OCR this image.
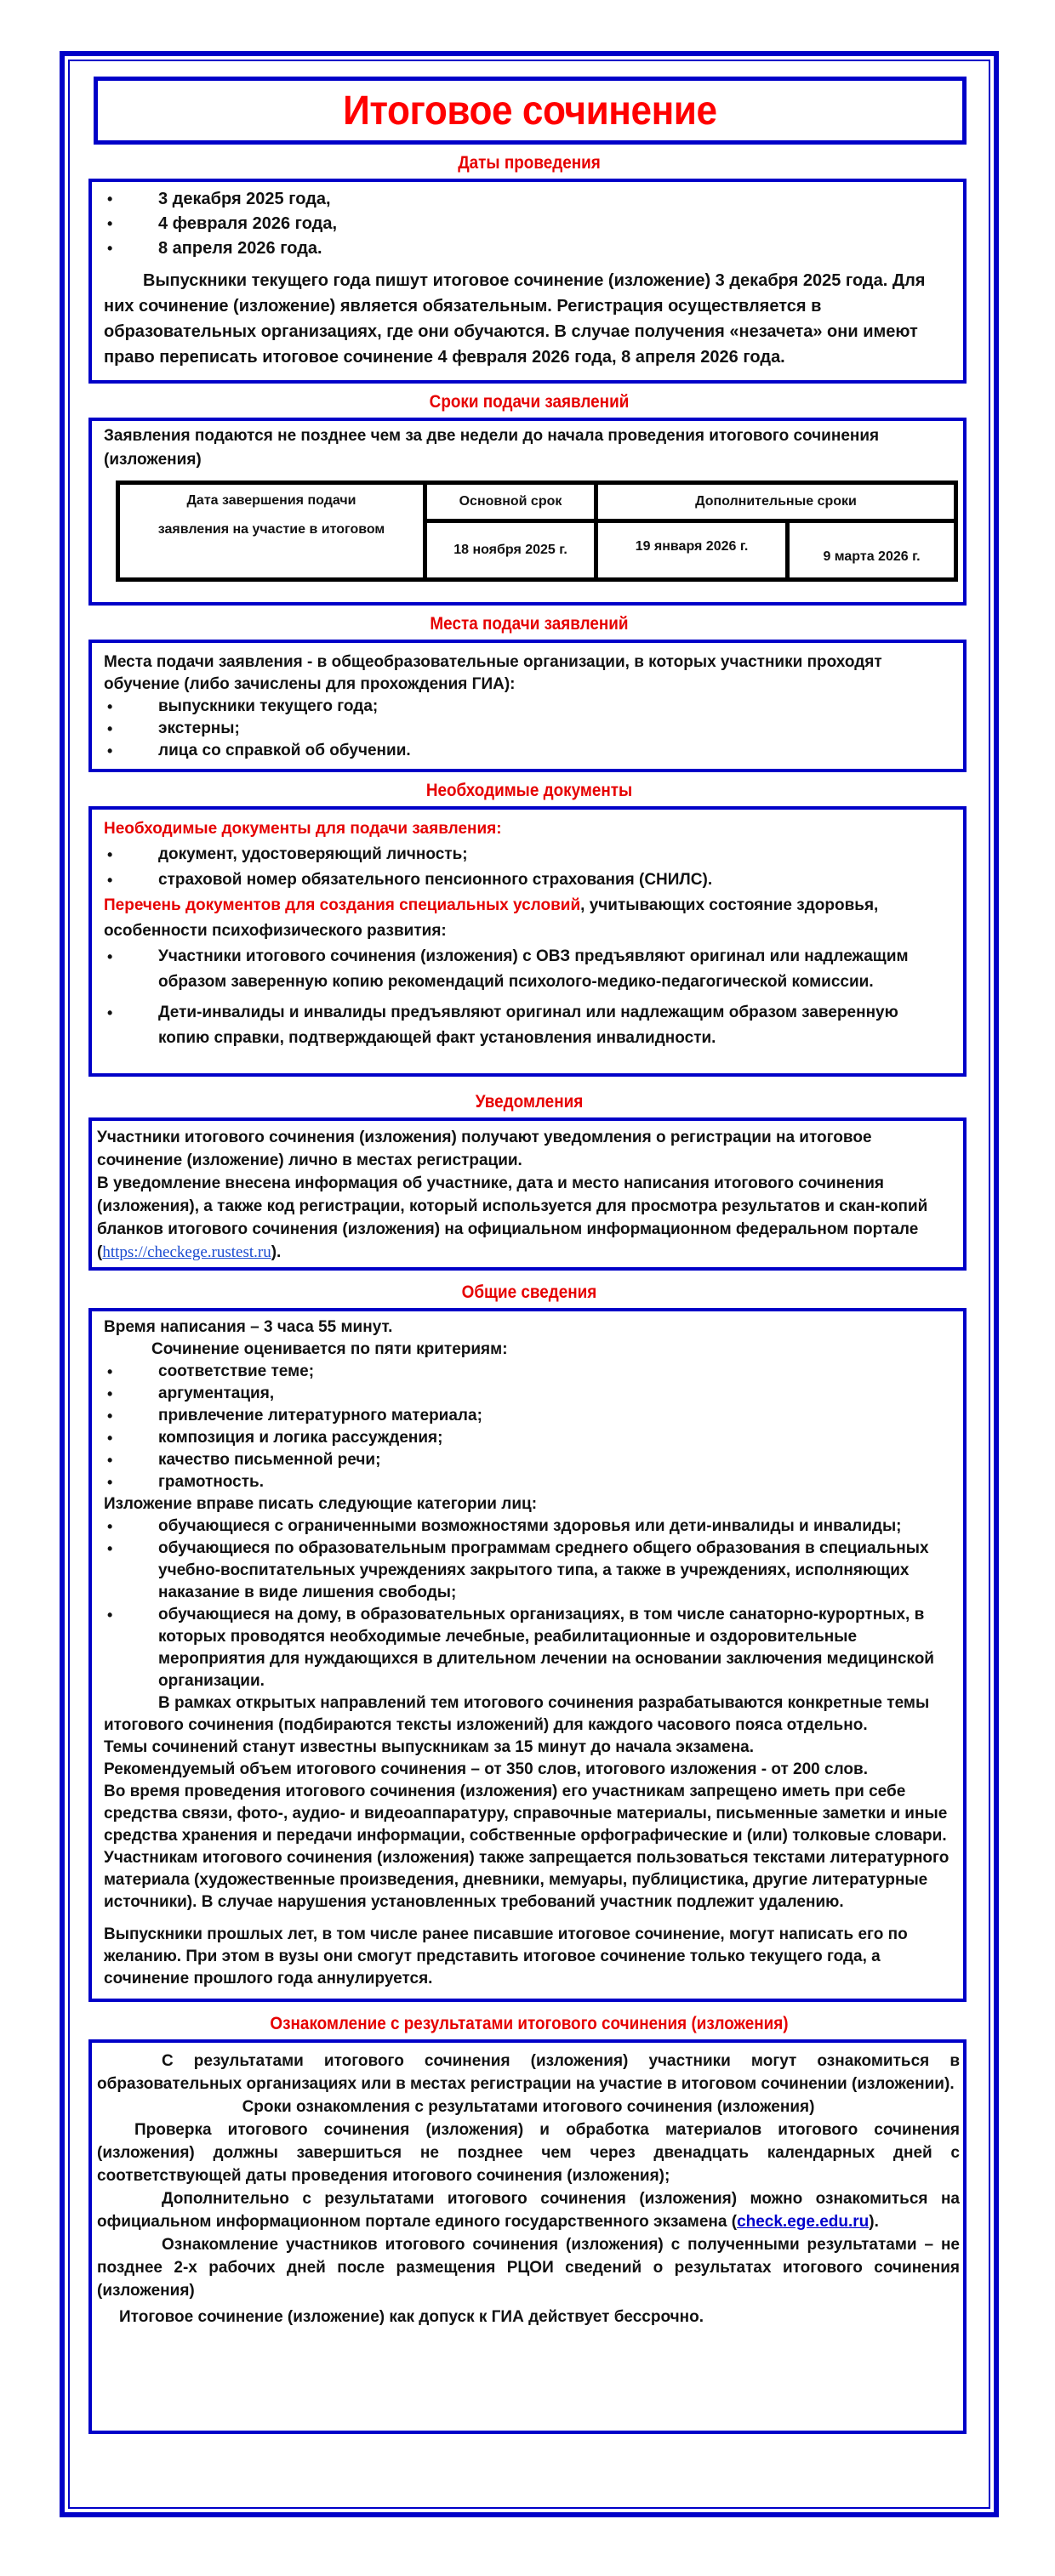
Итоговое сочинение
Даты проведения
• 3 декабря 2025 года,
• 4 февраля 2026 года,
• 8 апреля 2026 года.

Выпускники текущего года пишут итоговое сочинение (изложение) 3 декабря 2025 года. Для них сочинение (изложение) является обязательным. Регистрация осуществляется в образовательных организациях, где они обучаются. В случае получения «незачета» они имеют право переписать итоговое сочинение 4 февраля 2026 года, 8 апреля 2026 года.

Сроки подачи заявлений

Заявления подаются не позднее чем за две недели до начала проведения итогового сочинения (изложения)

Дата завершения подачи
заявления на участие в итоговом	Основной срок	Дополнительные сроки	
	18 ноября 2025 г.	19 января 2026 г.	9 марта 2026 г.
Места подачи заявлений

Места подачи заявления - в общеобразовательные организации, в которых участники проходят обучение (либо зачислены для прохождения ГИА):

• выпускники текущего года;
• экстерны;
• лица со справкой об обучении.
Необходимые документы

Необходимые документы для подачи заявления:

• документ, удостоверяющий личность;
• страховой номер обязательного пенсионного страхования (СНИЛС).

Перечень документов для создания специальных условий, учитывающих состояние здоровья, особенности психофизического развития:

• Участники итогового сочинения (изложения) с ОВЗ предъявляют оригинал или надлежащим образом заверенную копию рекомендаций психолого-медико-педагогической комиссии.
• Дети-инвалиды и инвалиды предъявляют оригинал или надлежащим образом заверенную копию справки, подтверждающей факт установления инвалидности.
Уведомления

Участники итогового сочинения (изложения) получают уведомления о регистрации на итоговое сочинение (изложение) лично в местах регистрации.

В уведомление внесена информация об участнике, дата и место написания итогового сочинения (изложения), а также код регистрации, который используется для просмотра результатов и скан-копий бланков итогового сочинения (изложения) на официальном информационном федеральном портале (https://checkege.rustest.ru).

Общие сведения

Время написания – 3 часа 55 минут.

Сочинение оценивается по пяти критериям:

• соответствие теме;
• аргументация,
• привлечение литературного материала;
• композиция и логика рассуждения;
• качество письменной речи;
• грамотность.

Изложение вправе писать следующие категории лиц:

• обучающиеся с ограниченными возможностями здоровья или дети-инвалиды и инвалиды;
• обучающиеся по образовательным программам среднего общего образования в специальных учебно-воспитательных учреждениях закрытого типа, а также в учреждениях, исполняющих наказание в виде лишения свободы;
• обучающиеся на дому, в образовательных организациях, в том числе санаторно-курортных, в которых проводятся необходимые лечебные, реабилитационные и оздоровительные мероприятия для нуждающихся в длительном лечении на основании заключения медицинской организации.

В рамках открытых направлений тем итогового сочинения разрабатываются конкретные темы итогового сочинения (подбираются тексты изложений) для каждого часового пояса отдельно.

Темы сочинений станут известны выпускникам за 15 минут до начала экзамена.

Рекомендуемый объем итогового сочинения – от 350 слов, итогового изложения - от 200 слов.

Во время проведения итогового сочинения (изложения) его участникам запрещено иметь при себе средства связи, фото-, аудио- и видеоаппаратуру, справочные материалы, письменные заметки и иные средства хранения и передачи информации, собственные орфографические и (или) толковые словари. Участникам итогового сочинения (изложения) также запрещается пользоваться текстами литературного материала (художественные произведения, дневники, мемуары, публицистика, другие литературные источники). В случае нарушения установленных требований участник подлежит удалению.

Выпускники прошлых лет, в том числе ранее писавшие итоговое сочинение, могут написать его по желанию. При этом в вузы они смогут представить итоговое сочинение только текущего года, а сочинение прошлого года аннулируется.

Ознакомление с результатами итогового сочинения (изложения)

С результатами итогового сочинения (изложения) участники могут ознакомиться в образовательных организациях или в местах регистрации на участие в итоговом сочинении (изложении).

Сроки ознакомления с результатами итогового сочинения (изложения)

Проверка итогового сочинения (изложения) и обработка материалов итогового сочинения (изложения) должны завершиться не позднее чем через двенадцать календарных дней с соответствующей даты проведения итогового сочинения (изложения);

Дополнительно с результатами итогового сочинения (изложения) можно ознакомиться на официальном информационном портале единого государственного экзамена (check.ege.edu.ru).

Ознакомление участников итогового сочинения (изложения) с полученными результатами – не позднее 2-х рабочих дней после размещения РЦОИ сведений о результатах итогового сочинения (изложения)

Итоговое сочинение (изложение) как допуск к ГИА действует бессрочно.
